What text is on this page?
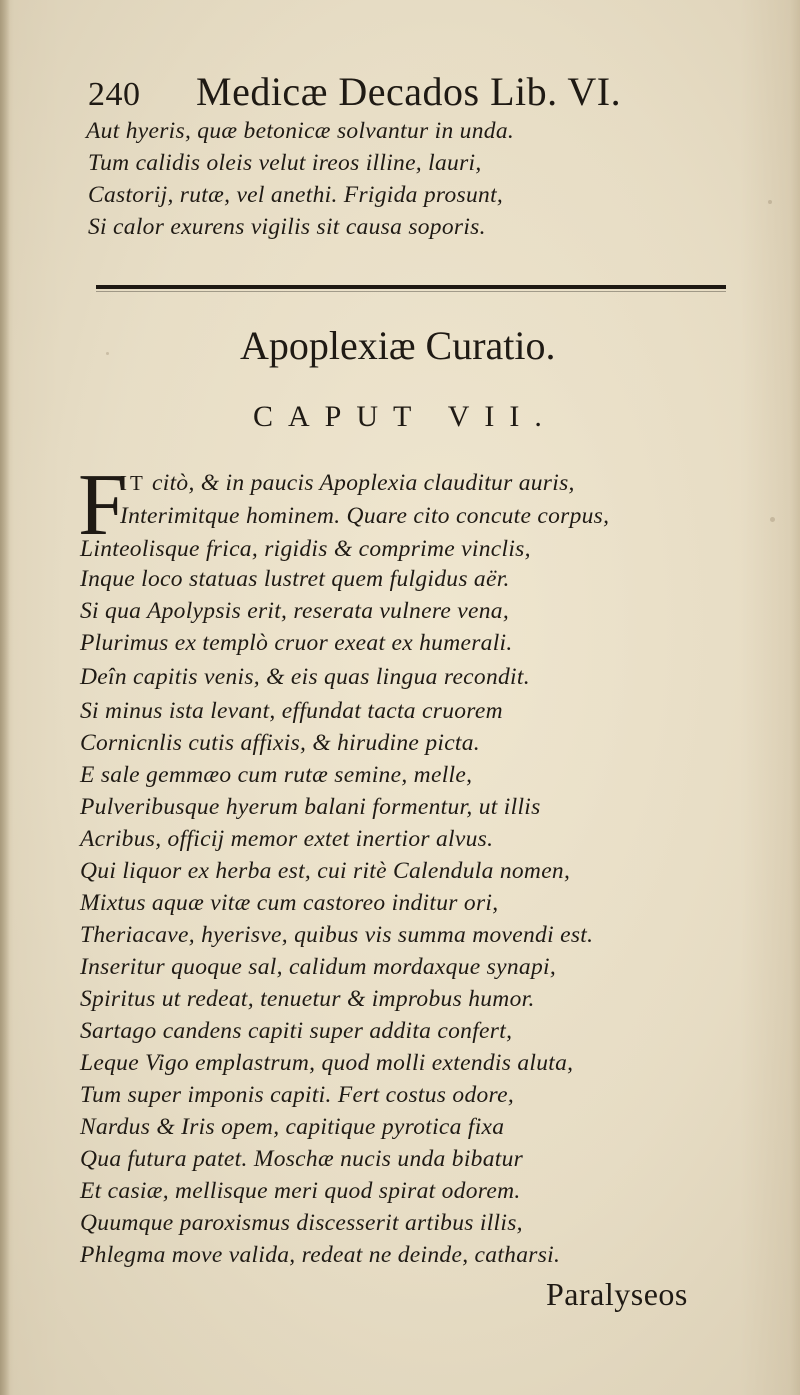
240 Medicæ Decados Lib. VI.
Aut hyeris, quæ betonicæ solvantur in unda.
Tum calidis oleis velut ireos illine, lauri,
Castorij, rutæ, vel anethi. Frigida prosunt,
Si calor exurens vigilis sit causa soporis.
Apoplexiæ Curatio.
CAPUT VII.
F
IT citò, & in paucis Apoplexia clauditur auris,
Interimitque hominem. Quare cito concute corpus,
Linteolisque frica, rigidis & comprime vinclis,
Inque loco statuas lustret quem fulgidus aër.
Si qua Apolypsis erit, reserata vulnere vena,
Plurimus ex templò cruor exeat ex humerali.
Deîn capitis venis, & eis quas lingua recondit.
Si minus ista levant, effundat tacta cruorem
Cornicnlis cutis affixis, & hirudine picta.
E sale gemmæo cum rutæ semine, melle,
Pulveribusque hyerum balani formentur, ut illis
Acribus, officij memor extet inertior alvus.
Qui liquor ex herba est, cui ritè Calendula nomen,
Mixtus aquæ vitæ cum castoreo inditur ori,
Theriacave, hyerisve, quibus vis summa movendi est.
Inseritur quoque sal, calidum mordaxque synapi,
Spiritus ut redeat, tenuetur & improbus humor.
Sartago candens capiti super addita confert,
Leque Vigo emplastrum, quod molli extendis aluta,
Tum super imponis capiti. Fert costus odore,
Nardus & Iris opem, capitique pyrotica fixa
Qua futura patet. Moschæ nucis unda bibatur
Et casiæ, mellisque meri quod spirat odorem.
Quumque paroxismus discesserit artibus illis,
Phlegma move valida, redeat ne deinde, catharsi.
Paralyseos
